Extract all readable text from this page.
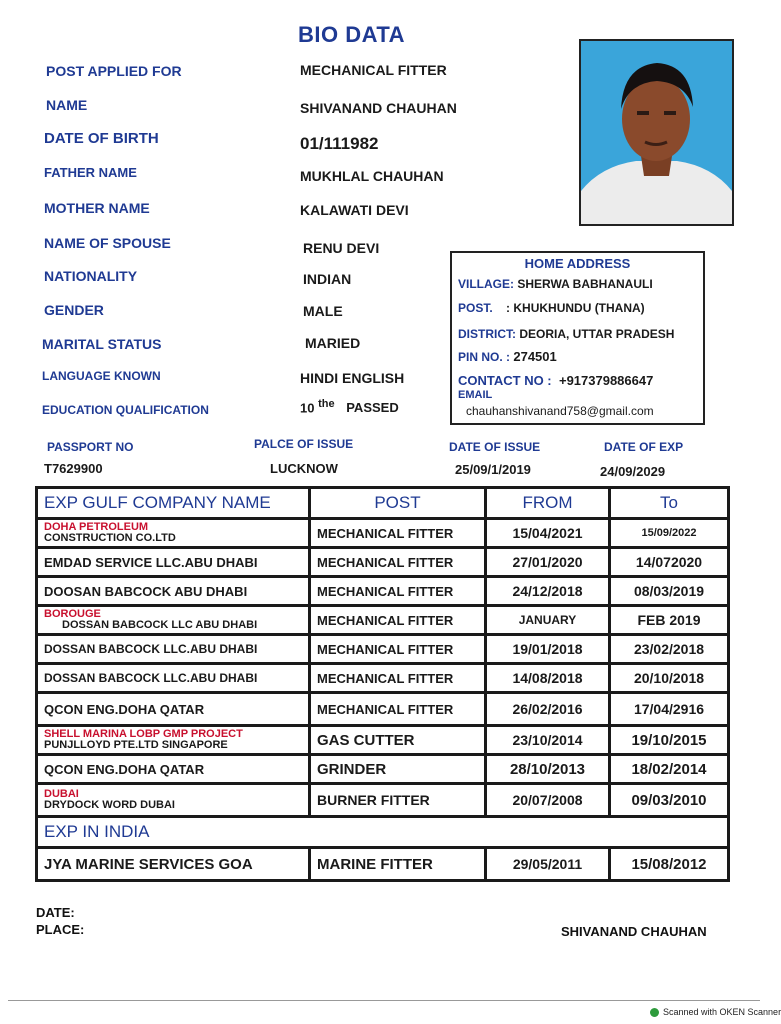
BIO DATA
POST APPLIED FOR	MECHANICAL FITTER
NAME	SHIVANAND CHAUHAN
DATE OF BIRTH	01/111982
FATHER NAME	MUKHLAL CHAUHAN
MOTHER NAME	KALAWATI DEVI
NAME OF SPOUSE	RENU DEVI
NATIONALITY	INDIAN
GENDER	MALE
MARITAL STATUS	MARIED
LANGUAGE KNOWN	HINDI ENGLISH
EDUCATION QUALIFICATION	10 $^{the}$ PASSED
HOME ADDRESS
VILLAGE: SHERWA BABHANAULI
POST. : KHUKHUNDU (THANA)
DISTRICT: DEORIA, UTTAR PRADESH
PIN NO. : 274501
CONTACT NO : +917379886647
EMAIL
chauhanshivanand758@gmail.com
PASSPORT NO
T7629900
PALCE OF ISSUE
LUCKNOW
DATE OF ISSUE
25/09/1/2019
DATE OF EXP
24/09/2029
EXP GULF COMPANY NAME	POST	FROM	To

DOHA PETROLEUM
CONSTRUCTION CO.LTD	MECHANICAL FITTER	15/04/2021	15/09/2022
EMDAD SERVICE LLC.ABU DHABI	MECHANICAL FITTER	27/01/2020	14/072020
DOOSAN BABCOCK ABU DHABI	MECHANICAL FITTER	24/12/2018	08/03/2019

BOROUGE
DOSSAN BABCOCK LLC ABU DHABI	MECHANICAL FITTER	JANUARY	FEB 2019
DOSSAN BABCOCK LLC.ABU DHABI	MECHANICAL FITTER	19/01/2018	23/02/2018
DOSSAN BABCOCK LLC.ABU DHABI	MECHANICAL FITTER	14/08/2018	20/10/2018
QCON ENG.DOHA QATAR	MECHANICAL FITTER	26/02/2016	17/04/2916

SHELL MARINA LOBP GMP PROJECT
PUNJLLOYD PTE.LTD SINGAPORE	GAS CUTTER	23/10/2014	19/10/2015
QCON ENG.DOHA QATAR	GRINDER	28/10/2013	18/02/2014

DUBAI
DRYDOCK WORD DUBAI	BURNER FITTER	20/07/2008	09/03/2010
EXP IN INDIA			
JYA MARINE SERVICES GOA	MARINE FITTER	29/05/2011	15/08/2012
DATE:
PLACE:	SHIVANAND CHAUHAN
Scanned with OKEN Scanner
